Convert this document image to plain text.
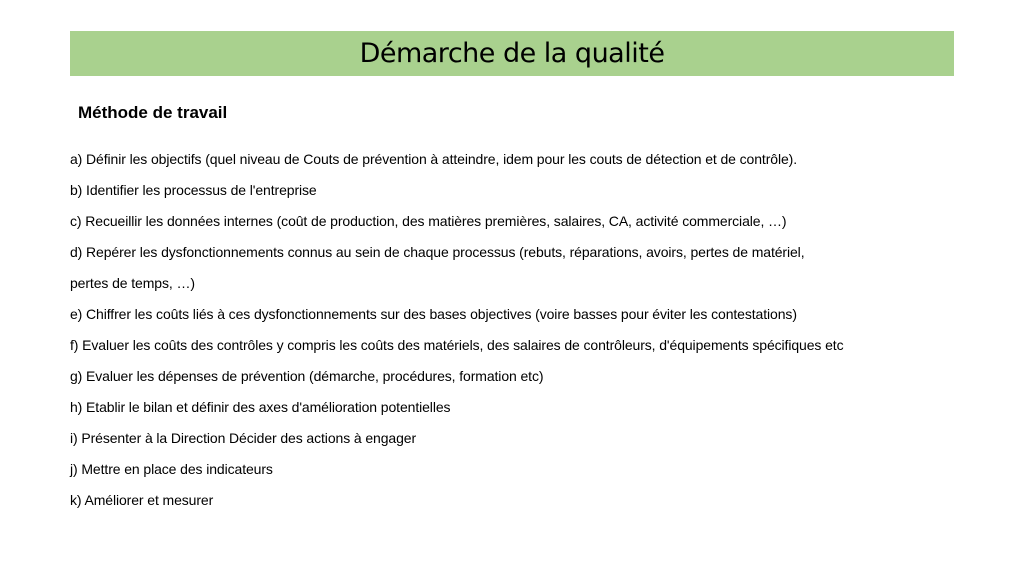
Démarche de la qualité
Méthode de travail
a) Définir les objectifs (quel niveau de Couts de prévention à atteindre, idem pour les couts de détection et de contrôle).
b) Identifier les processus de l'entreprise
c) Recueillir les données internes (coût de production, des matières premières, salaires, CA, activité commerciale, …)
d) Repérer les dysfonctionnements connus au sein de chaque processus (rebuts, réparations, avoirs, pertes de matériel,
pertes de temps, …)
e) Chiffrer les coûts liés à ces dysfonctionnements sur des bases objectives (voire basses pour éviter les contestations)
f) Evaluer les coûts des contrôles y compris les coûts des matériels, des salaires de contrôleurs, d'équipements spécifiques etc
g) Evaluer les dépenses de prévention (démarche, procédures, formation etc)
h) Etablir le bilan et définir des axes d'amélioration potentielles
i) Présenter à la Direction Décider des actions à engager
j) Mettre en place des indicateurs
k) Améliorer et mesurer
